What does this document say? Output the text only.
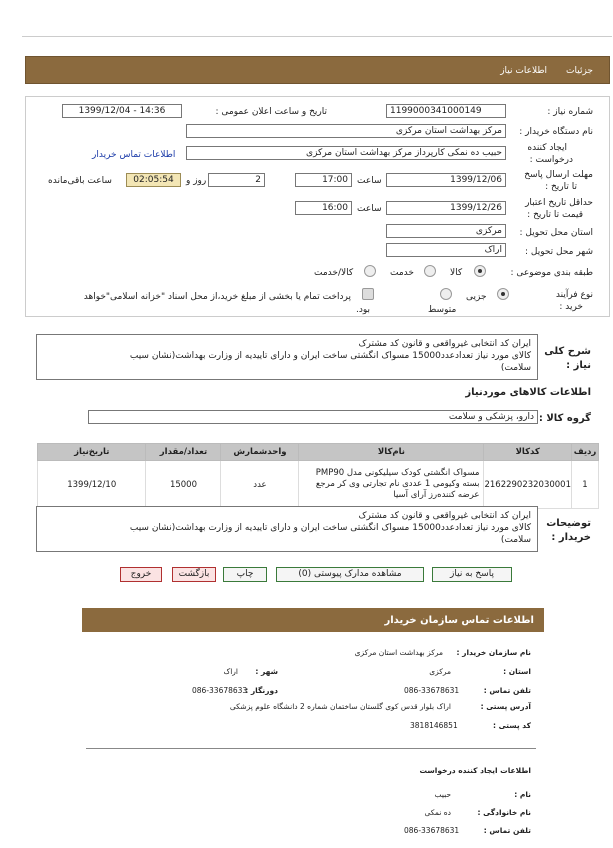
جزئیات
اطلاعات نیاز
شماره نیاز :
1199000341000149
تاریخ و ساعت اعلان عمومی :
1399/12/04 - 14:36
نام دستگاه خریدار :
مرکز بهداشت استان مرکزی
ایجاد کننده
درخواست :
حبیب ده نمکی کارپرداز مرکز بهداشت استان مرکزی
اطلاعات تماس خریدار
مهلت ارسال پاسخ
تا تاریخ :
1399/12/06
ساعت
17:00
2
روز و
02:05:54
ساعت باقی‌مانده
حداقل تاریخ اعتبار
قیمت تا تاریخ :
1399/12/26
ساعت
16:00
استان محل تحویل :
مرکزی
شهر محل تحویل :
اراک
طبقه بندی موضوعی :
کالا
خدمت
کالا/خدمت
نوع فرآیند
خرید :
جزیی
متوسط
پرداخت تمام یا بخشی از مبلغ خرید،از محل اسناد "خزانه اسلامی"خواهد
بود.
شرح کلی
نیاز :
ایران کد انتخابی غیرواقعی و قانون کد مشترک
کالای مورد نیاز تعدادعدد15000 مسواک انگشتی ساخت ایران و دارای تاییدیه از وزارت بهداشت(نشان سیب
سلامت)
اطلاعات کالاهای موردنیاز
گروه کالا :
دارو، پزشکی و سلامت
ردیف	کدکالا	نام‌کالا	واحدشمارش	تعداد/مقدار	تاریخ‌نیاز
1	2162290232030001	مسواک انگشتی کودک سیلیکونی مدل PMP90 بسته وکیومی 1 عددی نام تجارتی وی کر مرجع عرضه کننده‌رز آرای آسیا	عدد	15000	1399/12/10
توضیحات
خریدار :
ایران کد انتخابی غیرواقعی و قانون کد مشترک
کالای مورد نیاز تعدادعدد15000 مسواک انگشتی ساخت ایران و دارای تاییدیه از وزارت بهداشت(نشان سیب
سلامت)
پاسخ به نیاز
مشاهده مدارک پیوستی (0)
چاپ
بازگشت
خروج
اطلاعات تماس سازمان خریدار
نام سازمان خریدار :
مرکز بهداشت استان مرکزی
استان :
مرکزی
شهر :
اراک
تلفن تماس :
086-33678631
دورنگار :
086-33678633
آدرس پستی :
اراک بلوار قدس کوی گلستان ساختمان شماره 2 دانشگاه علوم پزشکی
کد پستی :
3818146851
اطلاعات ایجاد کننده درخواست
نام :
حبیب
نام خانوادگی :
ده نمکی
تلفن تماس :
086-33678631
